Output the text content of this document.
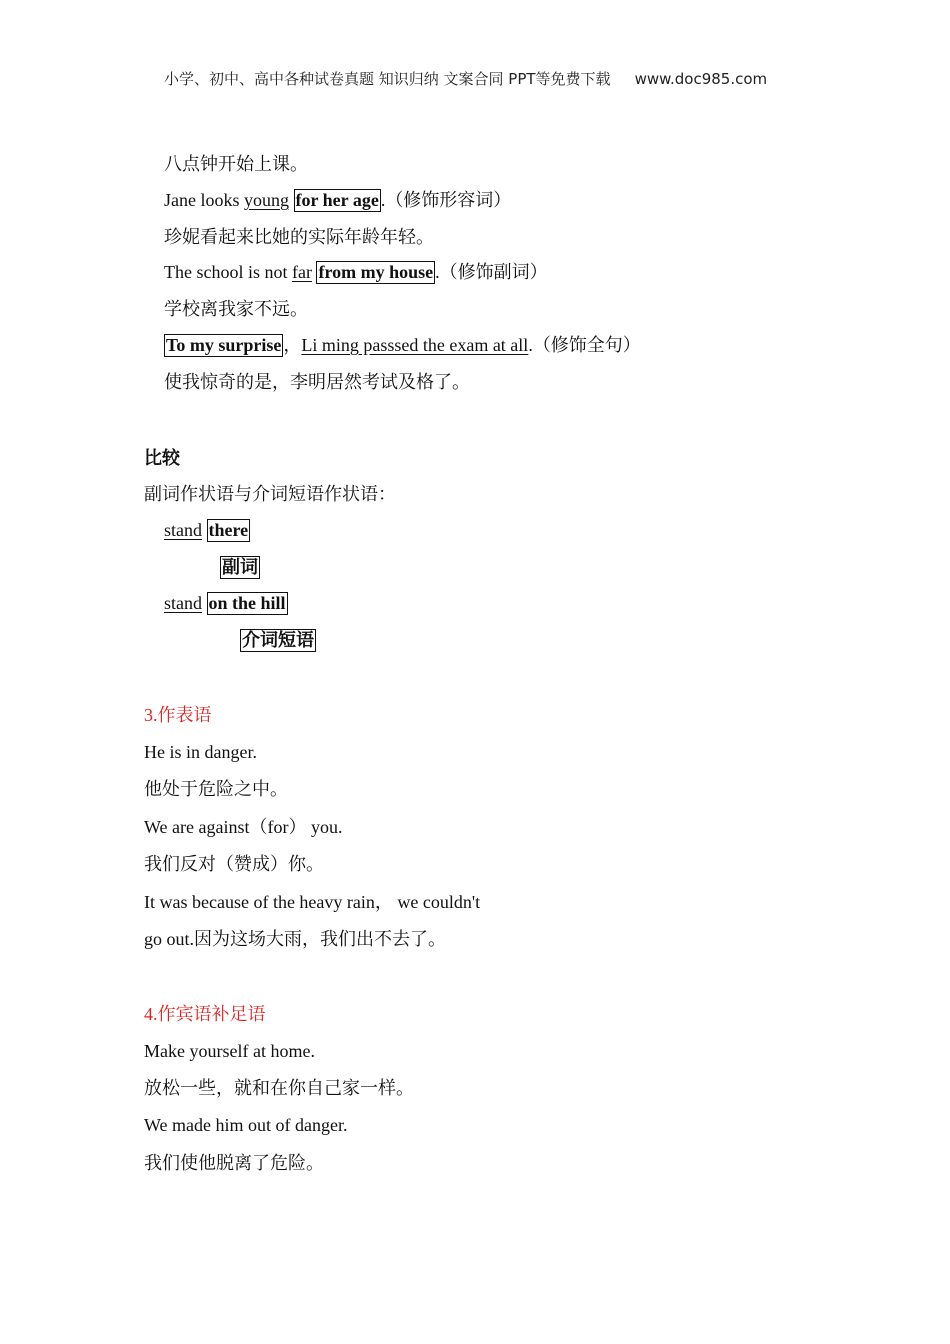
小学、初中、高中各种试卷真题 知识归纳 文案合同 PPT等免费下载 www.doc985.com
八点钟开始上课。
Jane looks young for her age .（修饰形容词）
珍妮看起来比她的实际年龄年轻。
The school is not far from my house .（修饰副词）
学校离我家不远。
To my surprise ，Li ming passsed the exam at all.（修饰全句）
使我惊奇的是，李明居然考试及格了。
比较
副词作状语与介词短语作状语：
stand there
副词
stand on the hill
介词短语
3.作表语
He is in danger.
他处于危险之中。
We are against（for） you.
我们反对（赞成）你。
It was because of the heavy rain， we couldn't
go out.因为这场大雨，我们出不去了。
4.作宾语补足语
Make yourself at home.
放松一些，就和在你自己家一样。
We made him out of danger.
我们使他脱离了危险。
